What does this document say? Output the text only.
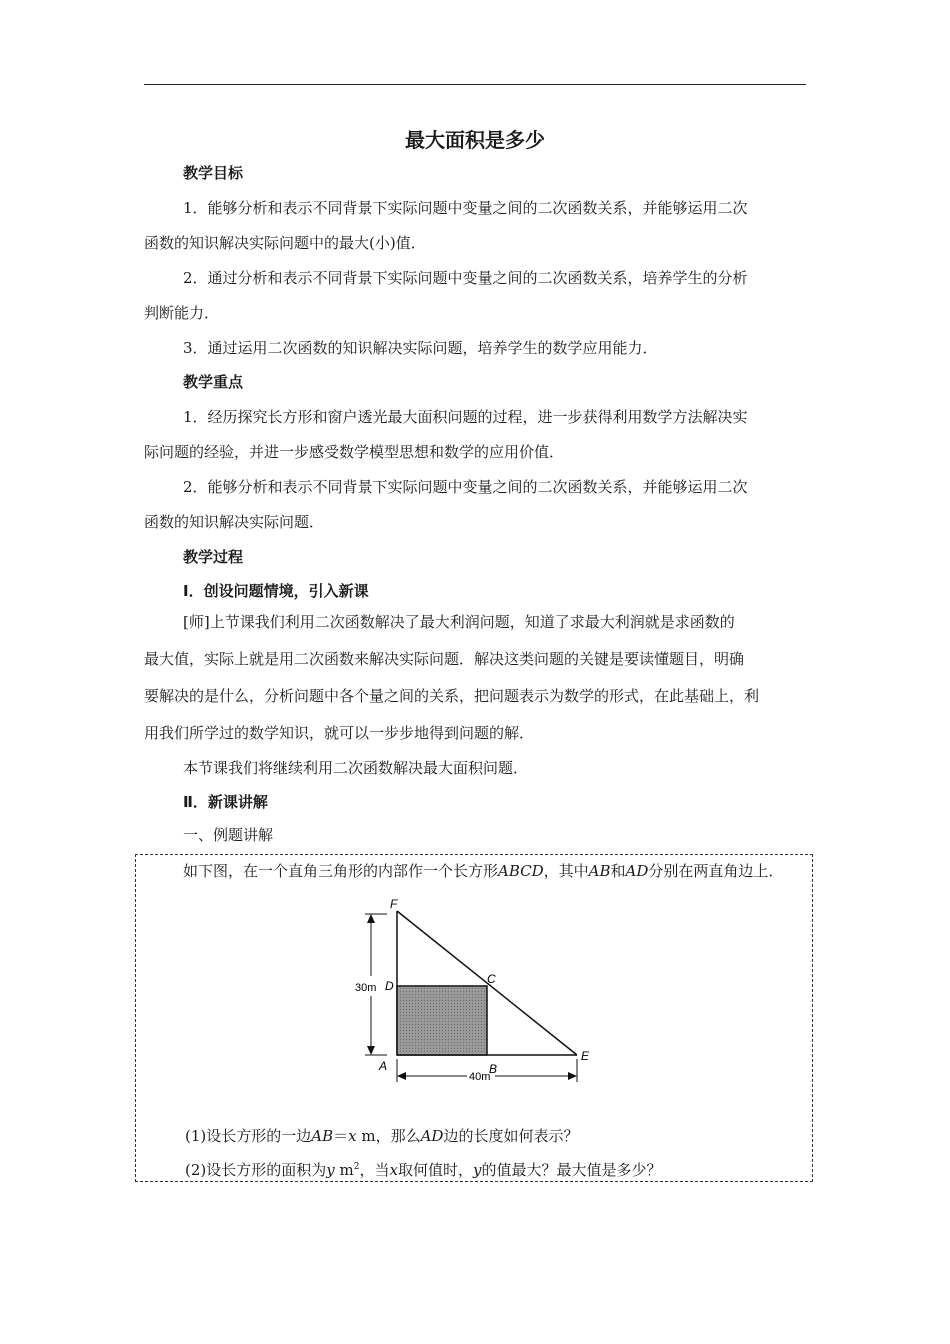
最大面积是多少
教学目标
1．能够分析和表示不同背景下实际问题中变量之间的二次函数关系，并能够运用二次
函数的知识解决实际问题中的最大(小)值．
2．通过分析和表示不同背景下实际问题中变量之间的二次函数关系，培养学生的分析
判断能力．
3．通过运用二次函数的知识解决实际问题，培养学生的数学应用能力．
教学重点
1．经历探究长方形和窗户透光最大面积问题的过程，进一步获得利用数学方法解决实
际问题的经验，并进一步感受数学模型思想和数学的应用价值．
2．能够分析和表示不同背景下实际问题中变量之间的二次函数关系，并能够运用二次
函数的知识解决实际问题．
教学过程
Ⅰ．创设问题情境，引入新课
[师]上节课我们利用二次函数解决了最大利润问题，知道了求最大利润就是求函数的
最大值，实际上就是用二次函数来解决实际问题．解决这类问题的关键是要读懂题目，明确
要解决的是什么，分析问题中各个量之间的关系，把问题表示为数学的形式，在此基础上，利
用我们所学过的数学知识，就可以一步步地得到问题的解．
本节课我们将继续利用二次函数解决最大面积问题．
Ⅱ．新课讲解
一、例题讲解
如下图，在一个直角三角形的内部作一个长方形ABCD，其中AB和AD分别在两直角边上．
F
C
D
A	B
E
30m
40m
(1)设长方形的一边AB＝x m，那么AD边的长度如何表示？
(2)设长方形的面积为y $m^2$，当x取何值时，y的值最大？最大值是多少？
